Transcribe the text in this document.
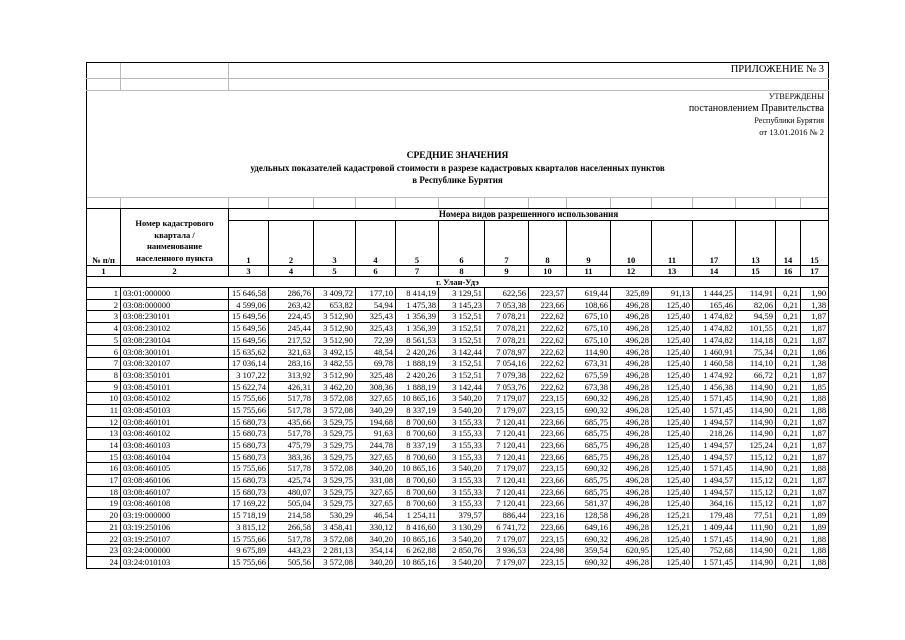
		ПРИЛОЖЕНИЕ № 3														

УТВЕРЖДЕНЫ																
постановлением Правительства																
Республики Бурятия																
от 13.01.2016 № 2																

СРЕДНИЕ ЗНАЧЕНИЯ																
удельных показателей кадастровой стоимости в разрезе кадастровых кварталов населенных пунктов																
в Республике Бурятия																

№ п/п	Номер кадастрового
квартала /
наименование
населенного пункта	Номера видов разрешенного использования														
		1	2	3	4	5	6	7	8	9	10	11	17	13	14	15
1	2	3	4	5	6	7	8	9	10	11	12	13	14	15	16	17
г. Улан-Удэ																
1	03:01:000000	15 646,58	286,76	3 409,72	177,10	8 414,19	3 129,51	622,56	223,57	619,44	325,89	91,13	1 444,25	114,91	0,21	1,90
2	03:08:000000	4 599,06	263,42	653,82	54,94	1 475,38	3 145,23	7 053,38	223,66	108,66	496,28	125,40	165,46	82,06	0,21	1,38
3	03:08:230101	15 649,56	224,45	3 512,90	325,43	1 356,39	3 152,51	7 078,21	222,62	675,10	496,28	125,40	1 474,82	94,59	0,21	1,87
4	03:08:230102	15 649,56	245,44	3 512,90	325,43	1 356,39	3 152,51	7 078,21	222,62	675,10	496,28	125,40	1 474,82	101,55	0,21	1,87
5	03:08:230104	15 649,56	217,52	3 512,90	72,39	8 561,53	3 152,51	7 078,21	222,62	675,10	496,28	125,40	1 474,82	114,18	0,21	1,87
6	03:08:300101	15 635,62	321,63	3 492,15	48,54	2 420,26	3 142,44	7 078,97	222,62	114,90	496,28	125,40	1 460,91	75,34	0,21	1,86
7	03:08:320107	17 036,14	283,16	3 482,55	69,78	1 888,19	3 152,51	7 054,16	222,62	673,31	496,28	125,40	1 460,58	114,10	0,21	1,38
8	03:08:350101	3 107,22	313,92	3 512,90	325,48	2 420,26	3 152,51	7 079,38	222,62	675,59	496,28	125,40	1 474,92	66,72	0,21	1,87
9	03:08:450101	15 622,74	426,31	3 462,20	308,36	1 888,19	3 142,44	7 053,76	222,62	673,38	496,28	125,40	1 456,38	114,90	0,21	1,85
10	03:08:450102	15 755,66	517,78	3 572,08	327,65	10 865,16	3 540,20	7 179,07	223,15	690,32	496,28	125,40	1 571,45	114,90	0,21	1,88
11	03:08:450103	15 755,66	517,78	3 572,08	340,29	8 337,19	3 540,20	7 179,07	223,15	690,32	496,28	125,40	1 571,45	114,90	0,21	1,88
12	03:08:460101	15 680,73	435,66	3 529,75	194,68	8 700,60	3 155,33	7 120,41	223,66	685,75	496,28	125,40	1 494,57	114,90	0,21	1,87
13	03:08:460102	15 680,73	517,78	3 529,75	91,63	8 700,60	3 155,33	7 120,41	223,66	685,75	496,28	125,40	218,26	114,90	0,21	1,87
14	03:08:460103	15 680,73	475,79	3 529,75	244,78	8 337,19	3 155,33	7 120,41	223,66	685,75	496,28	125,40	1 494,57	125,24	0,21	1,87
15	03:08:460104	15 680,73	383,36	3 529,75	327,65	8 700,60	3 155,33	7 120,41	223,66	685,75	496,28	125,40	1 494,57	115,12	0,21	1,87
16	03:08:460105	15 755,66	517,78	3 572,08	340,20	10 865,16	3 540,20	7 179,07	223,15	690,32	496,28	125,40	1 571,45	114,90	0,21	1,88
17	03:08:460106	15 680,73	425,74	3 529,75	331,08	8 700,60	3 155,33	7 120,41	223,66	685,75	496,28	125,40	1 494,57	115,12	0,21	1,87
18	03:08:460107	15 680,73	480,07	3 529,75	327,65	8 700,60	3 155,33	7 120,41	223,66	685,75	496,28	125,40	1 494,57	115,12	0,21	1,87
19	03:08:460108	17 169,22	505,04	3 529,75	327,65	8 700,60	3 155,33	7 120,41	223,66	581,37	496,28	125,40	364,16	115,12	0,21	1,87
20	03:19:000000	15 718,19	214,58	530,29	46,54	1 254,11	379,57	886,44	223,16	128,58	496,28	125,21	179,48	77,51	0,21	1,89
21	03:19:250106	3 815,12	266,58	3 458,41	330,12	8 416,60	3 130,29	6 741,72	223,66	649,16	496,28	125,21	1 409,44	111,90	0,21	1,89
22	03:19:250107	15 755,66	517,78	3 572,08	340,20	10 865,16	3 540,20	7 179,07	223,15	690,32	496,28	125,40	1 571,45	114,90	0,21	1,88
23	03:24:000000	9 675,89	443,23	2 281,13	354,14	6 262,88	2 850,76	3 936,53	224,98	359,54	620,95	125,40	752,68	114,90	0,21	1,88
24	03:24:010103	15 755,66	505,56	3 572,08	340,20	10 865,16	3 540,20	7 179,07	223,15	690,32	496,28	125,40	1 571,45	114,90	0,21	1,88
